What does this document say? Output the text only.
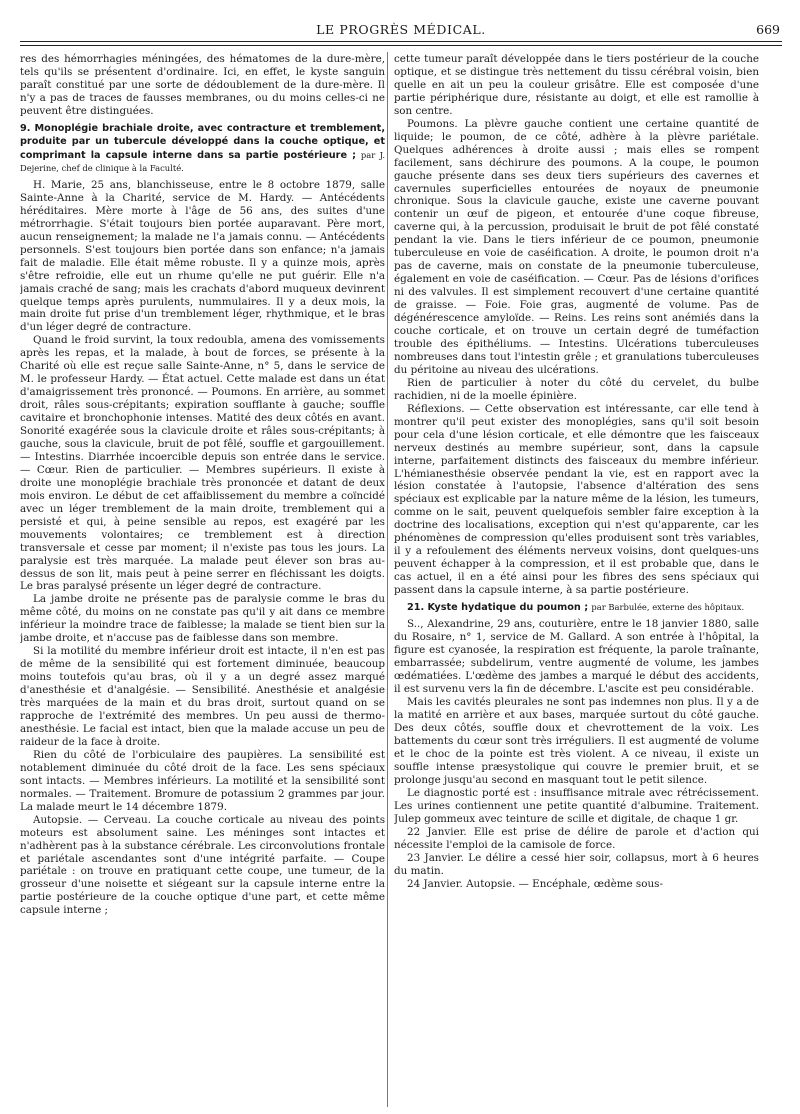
LE PROGRÈS MÉDICAL.	669

res des hémorrhagies méningées, des hématomes de la dure-mère, tels qu'ils se présentent d'ordinaire. Ici, en effet, le kyste sanguin paraît constitué par une sorte de dédoublement de la dure-mère. Il n'y a pas de traces de fausses membranes, ou du moins celles-ci ne peuvent être distinguées.

9. Monoplégie brachiale droite, avec contracture et tremblement, produite par un tubercule développé dans la couche optique, et comprimant la capsule interne dans sa partie postérieure ; par J. Dejerine, chef de clinique à la Faculté.

H. Marie, 25 ans, blanchisseuse, entre le 8 octobre 1879, salle Sainte-Anne à la Charité, service de M. Hardy. — Antécédents héréditaires. Mère morte à l'âge de 56 ans, des suites d'une métrorrhagie. S'était toujours bien portée auparavant. Père mort, aucun renseignement; la malade ne l'a jamais connu. — Antécédents personnels. S'est toujours bien portée dans son enfance; n'a jamais fait de maladie. Elle était même robuste. Il y a quinze mois, après s'être refroidie, elle eut un rhume qu'elle ne put guérir. Elle n'a jamais craché de sang; mais les crachats d'abord muqueux devinrent quelque temps après purulents, nummulaires. Il y a deux mois, la main droite fut prise d'un tremblement léger, rhythmique, et le bras d'un léger degré de contracture.

Quand le froid survint, la toux redoubla, amena des vomissements après les repas, et la malade, à bout de forces, se présente à la Charité où elle est reçue salle Sainte-Anne, n° 5, dans le service de M. le professeur Hardy. — État actuel. Cette malade est dans un état d'amaigrissement très prononcé. — Poumons. En arrière, au sommet droit, râles sous-crépitants; expiration soufflante à gauche; souffle cavitaire et bronchophonie intenses. Matité des deux côtés en avant. Sonorité exagérée sous la clavicule droite et râles sous-crépitants; à gauche, sous la clavicule, bruit de pot fêlé, souffle et gargouillement. — Intestins. Diarrhée incoercible depuis son entrée dans le service. — Cœur. Rien de particulier. — Membres supérieurs. Il existe à droite une monoplégie brachiale très prononcée et datant de deux mois environ. Le début de cet affaiblissement du membre a coïncidé avec un léger tremblement de la main droite, tremblement qui a persisté et qui, à peine sensible au repos, est exagéré par les mouvements volontaires; ce tremblement est à direction transversale et cesse par moment; il n'existe pas tous les jours. La paralysie est très marquée. La malade peut élever son bras au-dessus de son lit, mais peut à peine serrer en fléchissant les doigts. Le bras paralysé présente un léger degré de contracture.

La jambe droite ne présente pas de paralysie comme le bras du même côté, du moins on ne constate pas qu'il y ait dans ce membre inférieur la moindre trace de faiblesse; la malade se tient bien sur la jambe droite, et n'accuse pas de faiblesse dans son membre.

Si la motilité du membre inférieur droit est intacte, il n'en est pas de même de la sensibilité qui est fortement diminuée, beaucoup moins toutefois qu'au bras, où il y a un degré assez marqué d'anesthésie et d'analgésie. — Sensibilité. Anesthésie et analgésie très marquées de la main et du bras droit, surtout quand on se rapproche de l'extrémité des membres. Un peu aussi de thermo-anesthésie. Le facial est intact, bien que la malade accuse un peu de raideur de la face à droite.

Rien du côté de l'orbiculaire des paupières. La sensibilité est notablement diminuée du côté droit de la face. Les sens spéciaux sont intacts. — Membres inférieurs. La motilité et la sensibilité sont normales. — Traitement. Bromure de potassium 2 grammes par jour. La malade meurt le 14 décembre 1879.

Autopsie. — Cerveau. La couche corticale au niveau des points moteurs est absolument saine. Les méninges sont intactes et n'adhèrent pas à la substance cérébrale. Les circonvolutions frontale et pariétale ascendantes sont d'une intégrité parfaite. — Coupe pariétale : on trouve en pratiquant cette coupe, une tumeur, de la grosseur d'une noisette et siégeant sur la capsule interne entre la partie postérieure de la couche optique d'une part, et cette même capsule interne ;

cette tumeur paraît développée dans le tiers postérieur de la couche optique, et se distingue très nettement du tissu cérébral voisin, bien quelle en ait un peu la couleur grisâtre. Elle est composée d'une partie périphérique dure, résistante au doigt, et elle est ramollie à son centre.

Poumons. La plèvre gauche contient une certaine quantité de liquide; le poumon, de ce côté, adhère à la plèvre pariétale. Quelques adhérences à droite aussi ; mais elles se rompent facilement, sans déchirure des poumons. A la coupe, le poumon gauche présente dans ses deux tiers supérieurs des cavernes et cavernules superficielles entourées de noyaux de pneumonie chronique. Sous la clavicule gauche, existe une caverne pouvant contenir un œuf de pigeon, et entourée d'une coque fibreuse, caverne qui, à la percussion, produisait le bruit de pot fêlé constaté pendant la vie. Dans le tiers inférieur de ce poumon, pneumonie tuberculeuse en voie de caséification. A droite, le poumon droit n'a pas de caverne, mais on constate de la pneumonie tuberculeuse, également en voie de caséification. — Cœur. Pas de lésions d'orifices ni des valvules. Il est simplement recouvert d'une certaine quantité de graisse. — Foie. Foie gras, augmenté de volume. Pas de dégénérescence amyloïde. — Reins. Les reins sont anémiés dans la couche corticale, et on trouve un certain degré de tuméfaction trouble des épithéliums. — Intestins. Ulcérations tuberculeuses nombreuses dans tout l'intestin grêle ; et granulations tuberculeuses du péritoine au niveau des ulcérations.

Rien de particulier à noter du côté du cervelet, du bulbe rachidien, ni de la moelle épinière.

Réflexions. — Cette observation est intéressante, car elle tend à montrer qu'il peut exister des monoplégies, sans qu'il soit besoin pour cela d'une lésion corticale, et elle démontre que les faisceaux nerveux destinés au membre supérieur, sont, dans la capsule interne, parfaitement distincts des faisceaux du membre inférieur. L'hémianesthésie observée pendant la vie, est en rapport avec la lésion constatée à l'autopsie, l'absence d'altération des sens spéciaux est explicable par la nature même de la lésion, les tumeurs, comme on le sait, peuvent quelquefois sembler faire exception à la doctrine des localisations, exception qui n'est qu'apparente, car les phénomènes de compression qu'elles produisent sont très variables, il y a refoulement des éléments nerveux voisins, dont quelques-uns peuvent échapper à la compression, et il est probable que, dans le cas actuel, il en a été ainsi pour les fibres des sens spéciaux qui passent dans la capsule interne, à sa partie postérieure.

21. Kyste hydatique du poumon ; par Barbulée, externe des hôpitaux.

S.., Alexandrine, 29 ans, couturière, entre le 18 janvier 1880, salle du Rosaire, n° 1, service de M. Gallard. A son entrée à l'hôpital, la figure est cyanosée, la respiration est fréquente, la parole traînante, embarrassée; subdelirum, ventre augmenté de volume, les jambes œdématiées. L'œdème des jambes a marqué le début des accidents, il est survenu vers la fin de décembre. L'ascite est peu considérable.

Mais les cavités pleurales ne sont pas indemnes non plus. Il y a de la matité en arrière et aux bases, marquée surtout du côté gauche. Des deux côtés, souffle doux et chevrottement de la voix. Les battements du cœur sont très irréguliers. Il est augmenté de volume et le choc de la pointe est très violent. A ce niveau, il existe un souffle intense præsystolique qui couvre le premier bruit, et se prolonge jusqu'au second en masquant tout le petit silence.

Le diagnostic porté est : insuffisance mitrale avec rétrécissement. Les urines contiennent une petite quantité d'albumine. Traitement. Julep gommeux avec teinture de scille et digitale, de chaque 1 gr.

22 Janvier. Elle est prise de délire de parole et d'action qui nécessite l'emploi de la camisole de force.

23 Janvier. Le délire a cessé hier soir, collapsus, mort à 6 heures du matin.

24 Janvier. Autopsie. — Encéphale, œdème sous-
